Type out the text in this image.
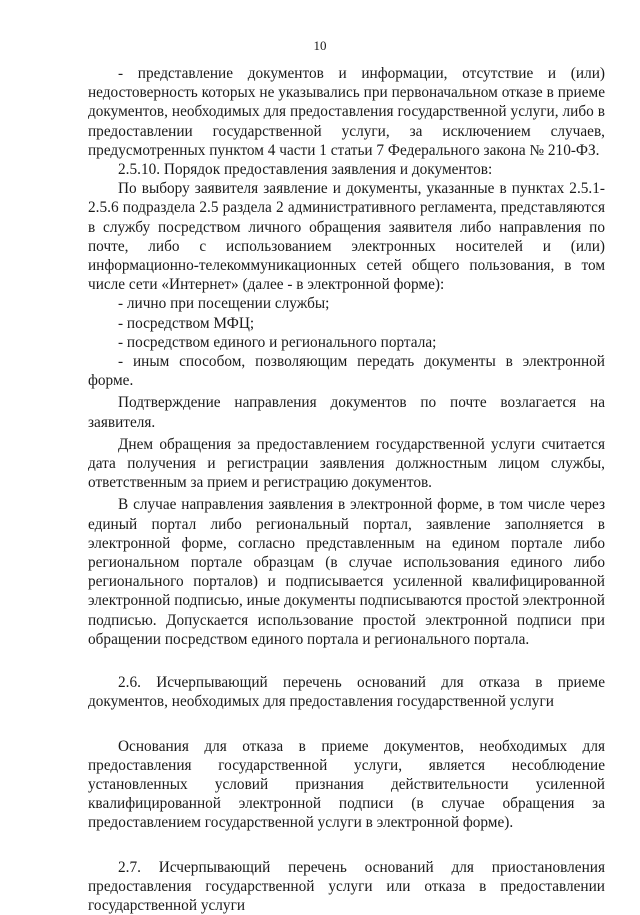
10

- представление документов и информации, отсутствие и (или) недостоверность которых не указывались при первоначальном отказе в приеме документов, необходимых для предоставления государственной услуги, либо в предоставлении государственной услуги, за исключением случаев, предусмотренных пунктом 4 части 1 статьи 7 Федерального закона № 210-ФЗ.

2.5.10. Порядок предоставления заявления и документов:

По выбору заявителя заявление и документы, указанные в пунктах 2.5.1-2.5.6 подраздела 2.5 раздела 2 административного регламента, представляются в службу посредством личного обращения заявителя либо направления по почте, либо с использованием электронных носителей и (или) информационно-телекоммуникационных сетей общего пользования, в том числе сети «Интернет» (далее - в электронной форме):

- лично при посещении службы;

- посредством МФЦ;

- посредством единого и регионального портала;

- иным способом, позволяющим передать документы в электронной форме.

Подтверждение направления документов по почте возлагается на заявителя.

Днем обращения за предоставлением государственной услуги считается дата получения и регистрации заявления должностным лицом службы, ответственным за прием и регистрацию документов.

В случае направления заявления в электронной форме, в том числе через единый портал либо региональный портал, заявление заполняется в электронной форме, согласно представленным на едином портале либо региональном портале образцам (в случае использования единого либо регионального порталов) и подписывается усиленной квалифицированной электронной подписью, иные документы подписываются простой электронной подписью. Допускается использование простой электронной подписи при обращении посредством единого портала и регионального портала.

2.6. Исчерпывающий перечень оснований для отказа в приеме документов, необходимых для предоставления государственной услуги

Основания для отказа в приеме документов, необходимых для предоставления государственной услуги, является несоблюдение установленных условий признания действительности усиленной квалифицированной электронной подписи (в случае обращения за предоставлением государственной услуги в электронной форме).

2.7. Исчерпывающий перечень оснований для приостановления предоставления государственной услуги или отказа в предоставлении государственной услуги
